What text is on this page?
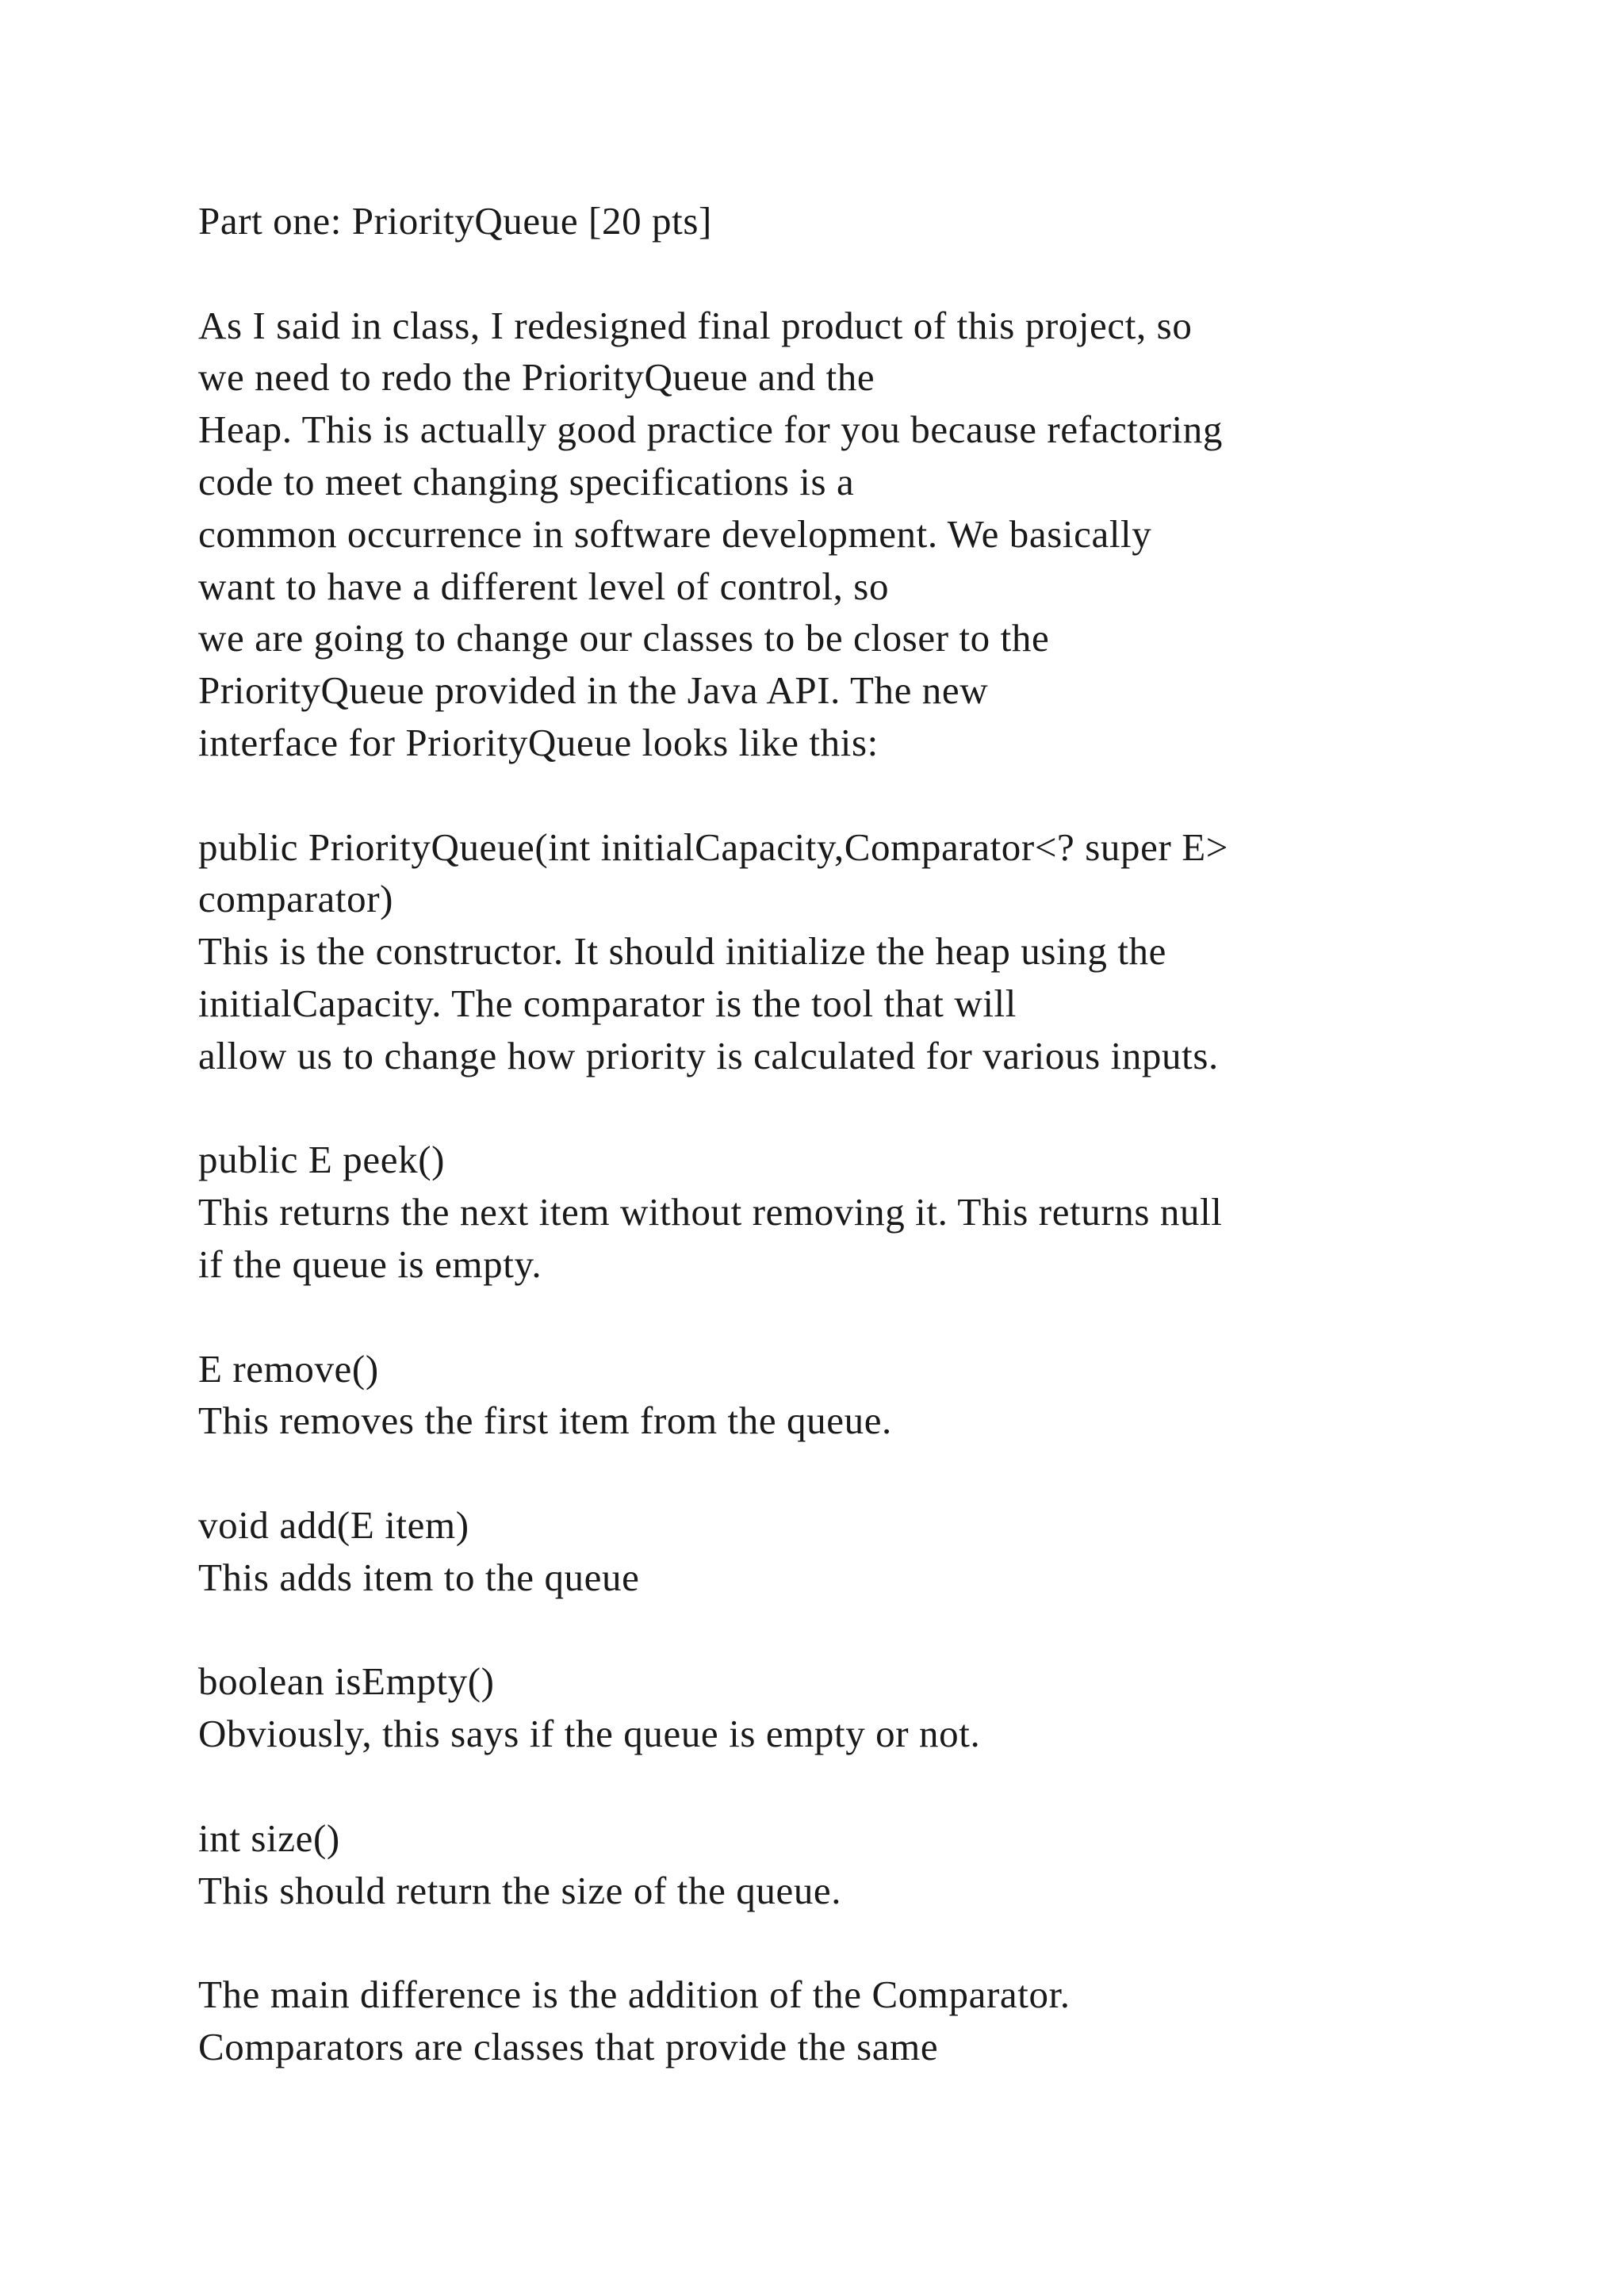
Part one: PriorityQueue [20 pts]
As I said in class, I redesigned final product of this project, so
we need to redo the PriorityQueue and the
Heap. This is actually good practice for you because refactoring
code to meet changing specifications is a
common occurrence in software development. We basically
want to have a different level of control, so
we are going to change our classes to be closer to the
PriorityQueue provided in the Java API. The new
interface for PriorityQueue looks like this:
public PriorityQueue(int initialCapacity,Comparator<? super E>
comparator)
This is the constructor. It should initialize the heap using the
initialCapacity. The comparator is the tool that will
allow us to change how priority is calculated for various inputs.
public E peek()
This returns the next item without removing it. This returns null
if the queue is empty.
E remove()
This removes the first item from the queue.
void add(E item)
This adds item to the queue
boolean isEmpty()
Obviously, this says if the queue is empty or not.
int size()
This should return the size of the queue.
The main difference is the addition of the Comparator.
Comparators are classes that provide the same
